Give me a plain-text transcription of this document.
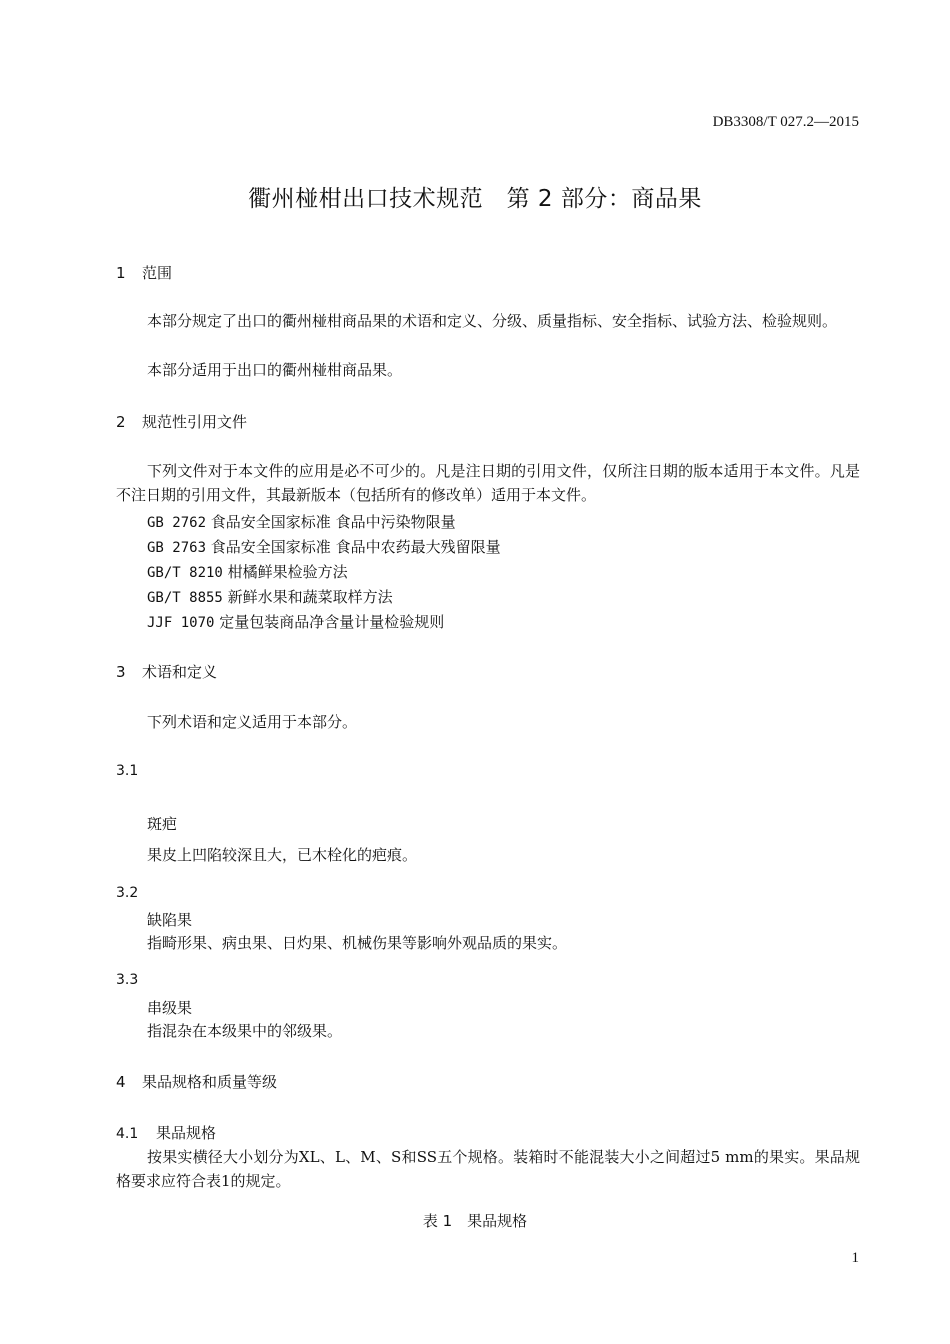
DB3308/T 027.2—2015
衢州椪柑出口技术规范　第 2 部分：商品果
1 范围
本部分规定了出口的衢州椪柑商品果的术语和定义、分级、质量指标、安全指标、试验方法、检验规则。
本部分适用于出口的衢州椪柑商品果。
2 规范性引用文件
下列文件对于本文件的应用是必不可少的。凡是注日期的引用文件，仅所注日期的版本适用于本文件。凡是不注日期的引用文件，其最新版本（包括所有的修改单）适用于本文件。
GB 2762 食品安全国家标准 食品中污染物限量
GB 2763 食品安全国家标准 食品中农药最大残留限量
GB/T 8210 柑橘鲜果检验方法
GB/T 8855 新鲜水果和蔬菜取样方法
JJF 1070 定量包装商品净含量计量检验规则
3 术语和定义
下列术语和定义适用于本部分。
3.1
斑疤
果皮上凹陷较深且大，已木栓化的疤痕。
3.2
缺陷果
指畸形果、病虫果、日灼果、机械伤果等影响外观品质的果实。
3.3
串级果
指混杂在本级果中的邻级果。
4 果品规格和质量等级
4.1 果品规格
按果实横径大小划分为XL、L、M、S和SS五个规格。装箱时不能混装大小之间超过5 mm的果实。果品规格要求应符合表1的规定。
表 1　果品规格
1
